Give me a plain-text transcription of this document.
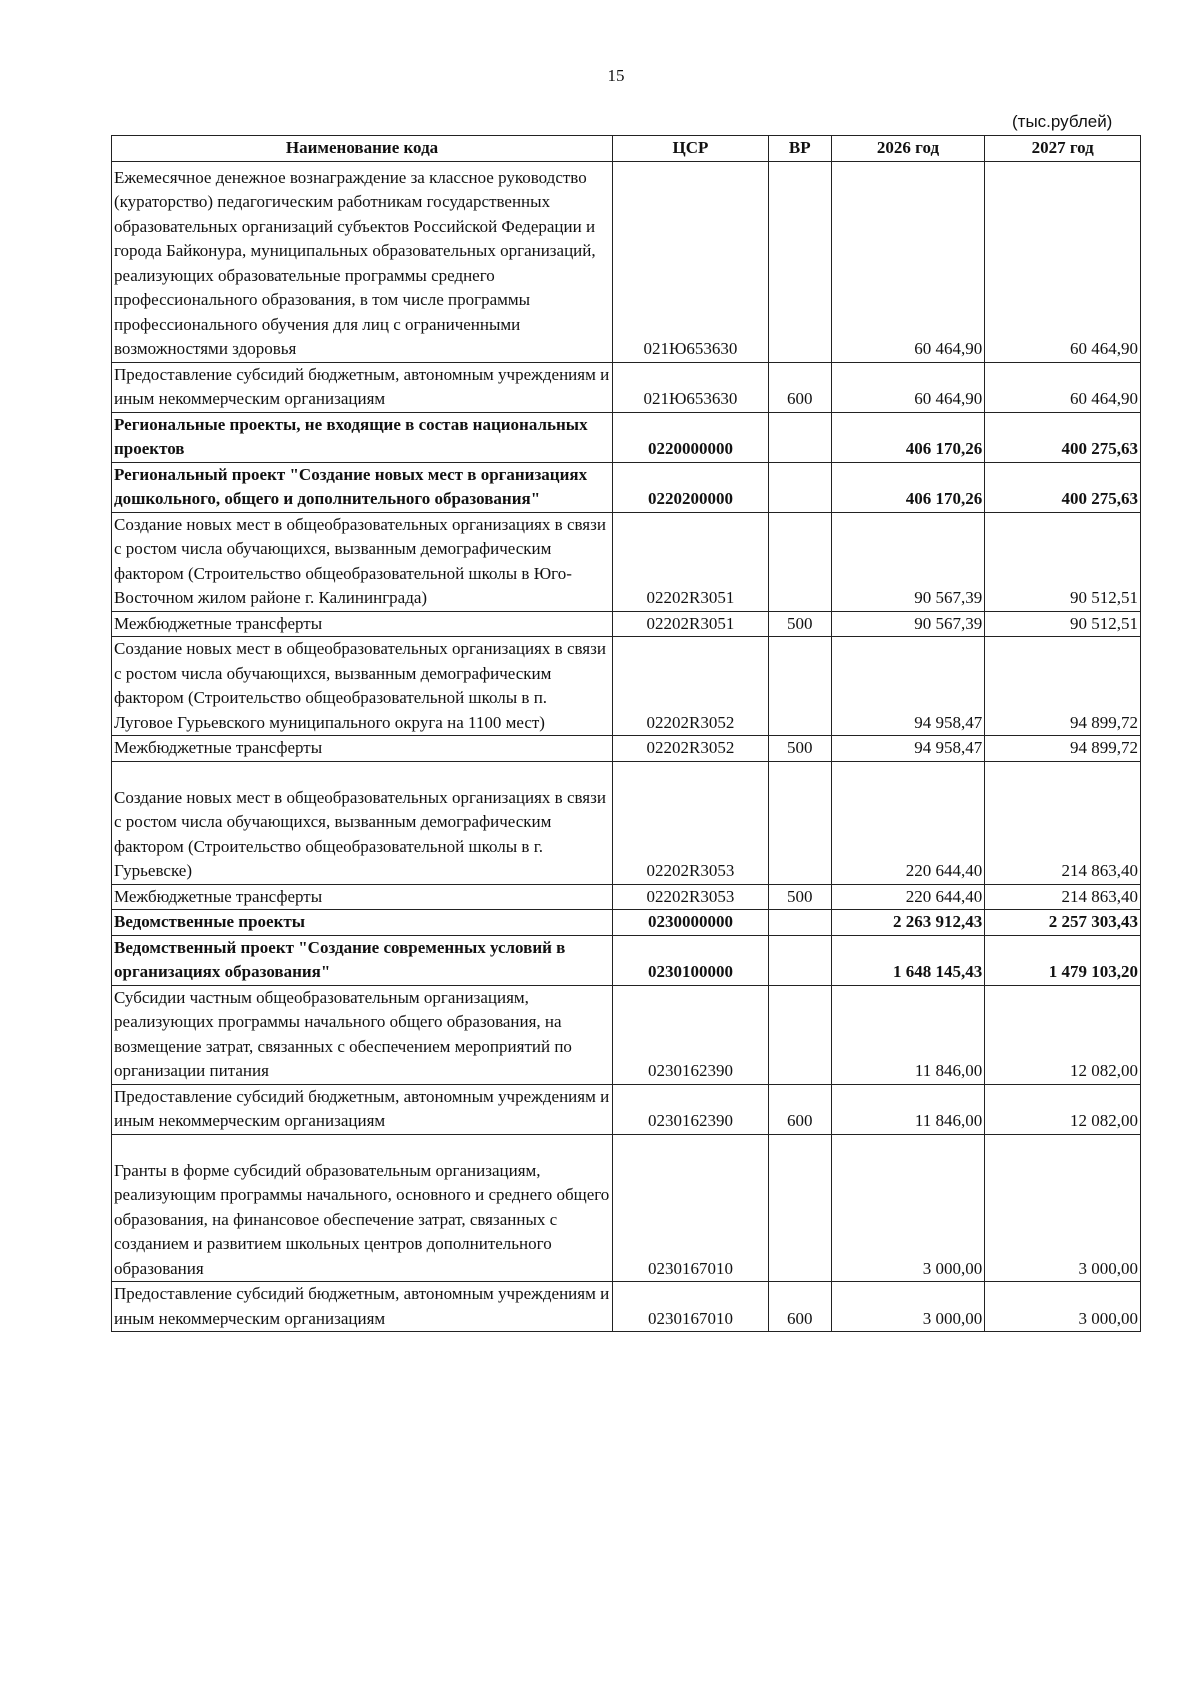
15
(тыс.рублей)
Наименование кода	ЦСР	ВР	2026 год	2027 год
Ежемесячное денежное вознаграждение за классное руководство (кураторство) педагогическим работникам государственных образовательных организаций субъектов Российской Федерации и города Байконура, муниципальных образовательных организаций, реализующих образовательные программы среднего профессионального образования, в том числе программы профессионального обучения для лиц с ограниченными возможностями здоровья	021Ю653630		60 464,90	60 464,90
Предоставление субсидий бюджетным, автономным учреждениям и иным некоммерческим организациям	021Ю653630	600	60 464,90	60 464,90
Региональные проекты, не входящие в состав национальных проектов	0220000000		406 170,26	400 275,63
Региональный проект "Создание новых мест в организациях дошкольного, общего и дополнительного образования"	0220200000		406 170,26	400 275,63
Создание новых мест в общеобразовательных организациях в связи с ростом числа обучающихся, вызванным демографическим фактором (Строительство общеобразовательной школы в Юго-Восточном жилом районе г. Калининграда)	02202R3051		90 567,39	90 512,51
Межбюджетные трансферты	02202R3051	500	90 567,39	90 512,51
Создание новых мест в общеобразовательных организациях в связи с ростом числа обучающихся, вызванным демографическим фактором (Строительство общеобразовательной школы в п. Луговое Гурьевского муниципального округа на 1100 мест)	02202R3052		94 958,47	94 899,72
Межбюджетные трансферты	02202R3052	500	94 958,47	94 899,72
Создание новых мест в общеобразовательных организациях в связи с ростом числа обучающихся, вызванным демографическим фактором (Строительство общеобразовательной школы в г. Гурьевске)	02202R3053		220 644,40	214 863,40
Межбюджетные трансферты	02202R3053	500	220 644,40	214 863,40
Ведомственные проекты	0230000000		2 263 912,43	2 257 303,43
Ведомственный проект "Создание современных условий в организациях образования"	0230100000		1 648 145,43	1 479 103,20
Субсидии частным общеобразовательным организациям, реализующих программы начального общего образования, на возмещение затрат, связанных с обеспечением мероприятий по организации питания	0230162390		11 846,00	12 082,00
Предоставление субсидий бюджетным, автономным учреждениям и иным некоммерческим организациям	0230162390	600	11 846,00	12 082,00
Гранты в форме субсидий образовательным организациям, реализующим программы начального, основного и среднего общего образования, на финансовое обеспечение затрат, связанных с созданием и развитием школьных центров дополнительного образования	0230167010		3 000,00	3 000,00
Предоставление субсидий бюджетным, автономным учреждениям и иным некоммерческим организациям	0230167010	600	3 000,00	3 000,00
